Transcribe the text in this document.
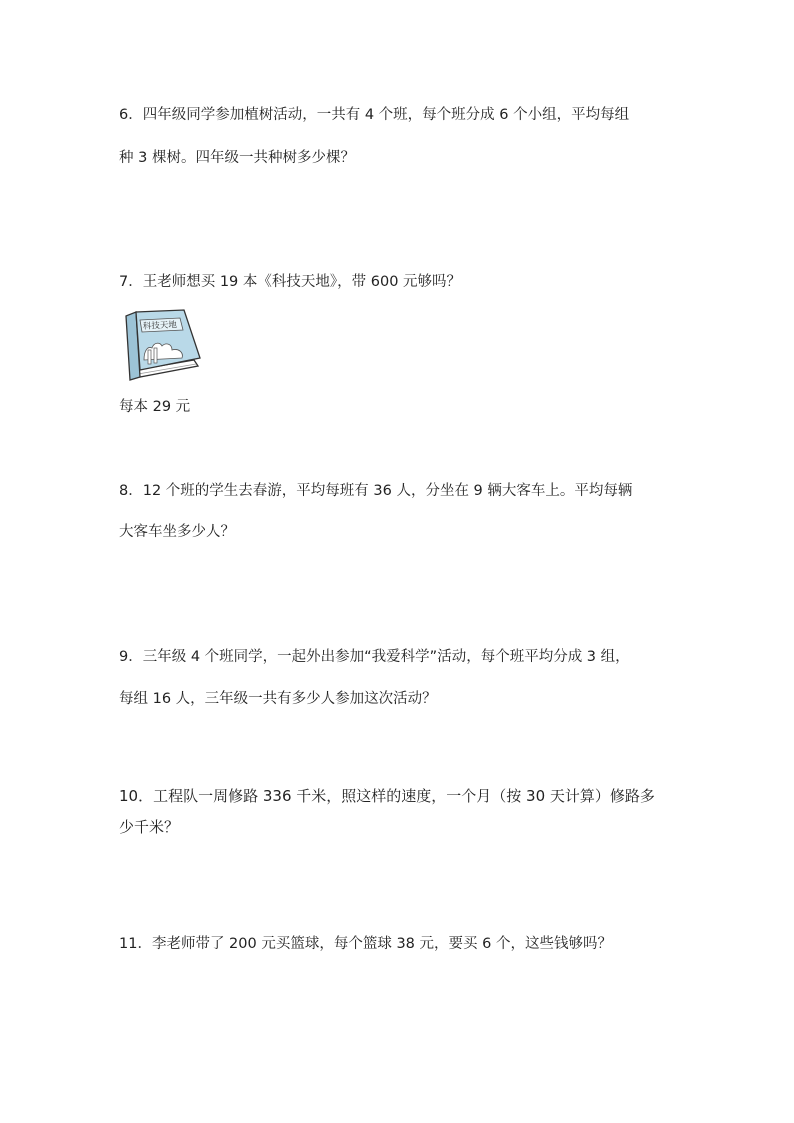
6．四年级同学参加植树活动，一共有 4 个班，每个班分成 6 个小组，平均每组

种 3 棵树。四年级一共种树多少棵？

7．王老师想买 19 本《科技天地》，带 600 元够吗？

科技天地

每本 29 元

8．12 个班的学生去春游，平均每班有 36 人，分坐在 9 辆大客车上。平均每辆

大客车坐多少人？

9．三年级 4 个班同学，一起外出参加“我爱科学”活动，每个班平均分成 3 组，

每组 16 人，三年级一共有多少人参加这次活动？

10．工程队一周修路 336 千米，照这样的速度，一个月（按 30 天计算）修路多

少千米？

11．李老师带了 200 元买篮球，每个篮球 38 元，要买 6 个，这些钱够吗？
